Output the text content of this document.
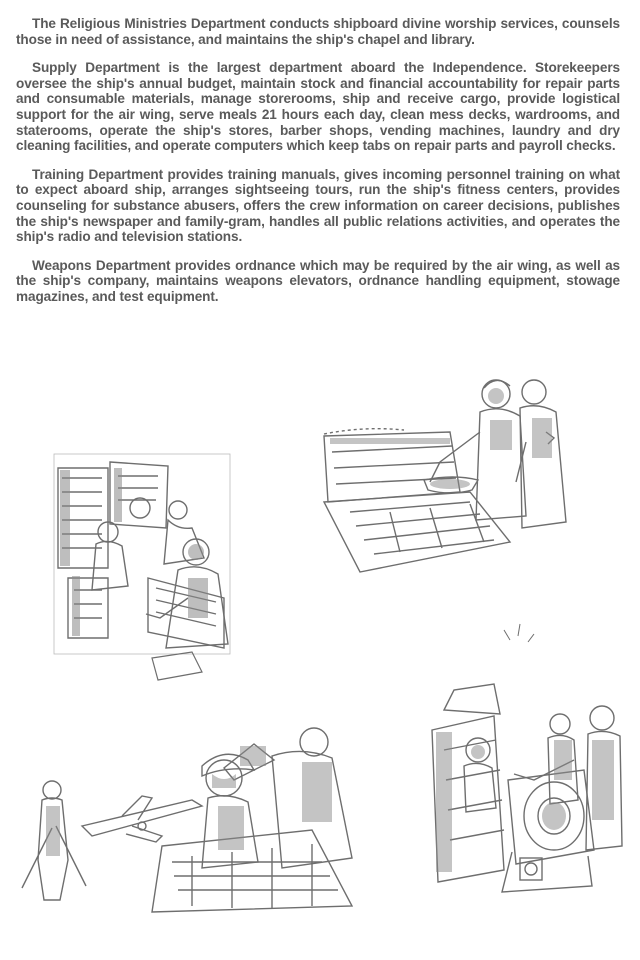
The Religious Ministries Department conducts shipboard divine worship services, counsels those in need of assistance, and maintains the ship's chapel and library.

Supply Department is the largest department aboard the Independence. Storekeepers oversee the ship's annual budget, maintain stock and financial accountability for repair parts and consumable materials, manage storerooms, ship and receive cargo, provide logistical support for the air wing, serve meals 21 hours each day, clean mess decks, wardrooms, and staterooms, operate the ship's stores, barber shops, vending machines, laundry and dry cleaning facilities, and operate computers which keep tabs on repair parts and payroll checks.

Training Department provides training manuals, gives incoming personnel training on what to expect aboard ship, arranges sightseeing tours, run the ship's fitness centers, provides counseling for substance abusers, offers the crew information on career decisions, publishes the ship's newspaper and family-gram, handles all public relations activities, and operates the ship's radio and television stations.

Weapons Department provides ordnance which may be required by the air wing, as well as the ship's company, maintains weapons elevators, ordnance handling equipment, stowage magazines, and test equipment.
